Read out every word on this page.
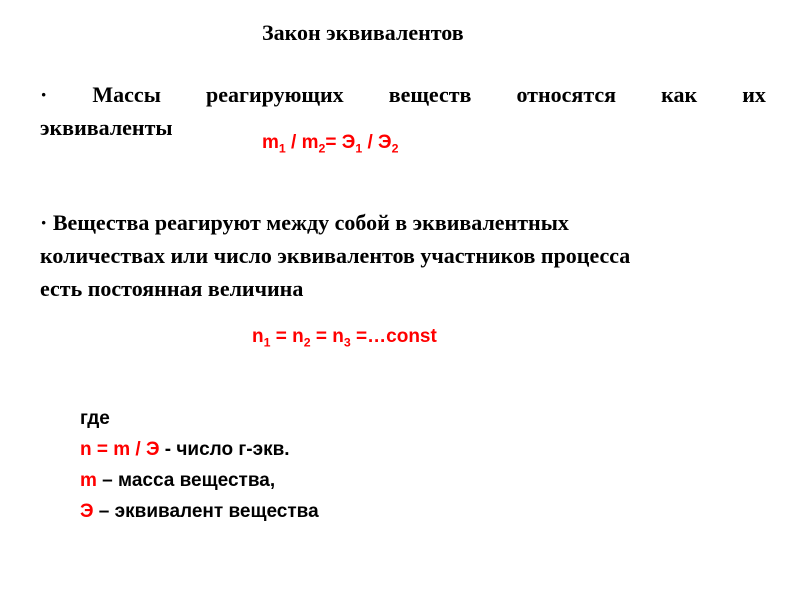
Закон эквивалентов
· Массы реагирующих веществ относятся как их
эквиваленты
$m_1 / m_2= Э_1 / Э_2$
· Вещества реагируют между собой в эквивалентных
количествах или число эквивалентов участников процесса
есть постоянная величина
$n_1 = n_2 = n_3$ =…const
где
n = m / Э - число г-экв.
m – масса вещества,
Э – эквивалент вещества
